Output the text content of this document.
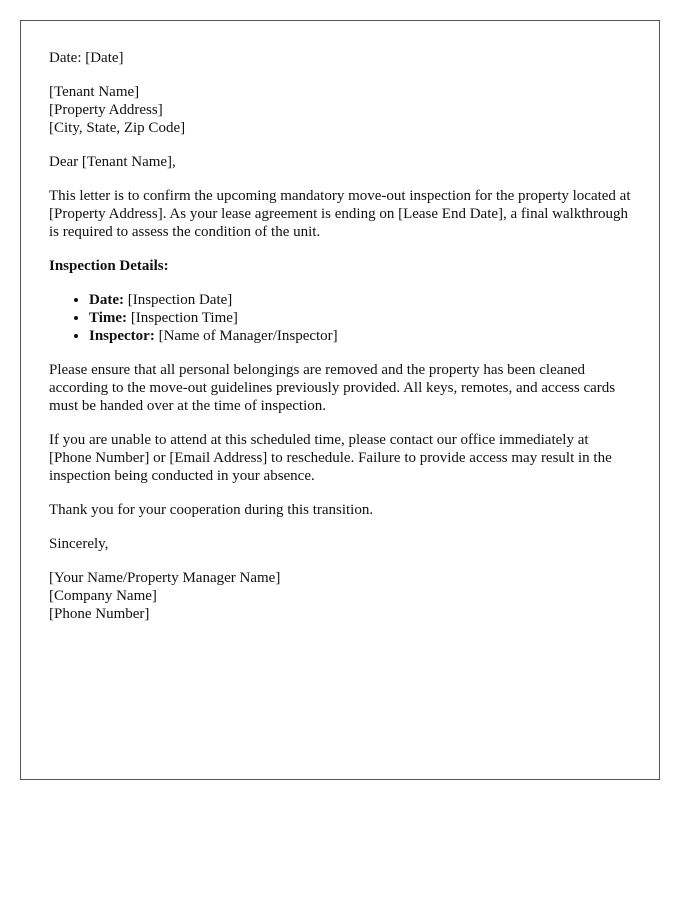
Date: [Date]

[Tenant Name]
[Property Address]
[City, State, Zip Code]

Dear [Tenant Name],

This letter is to confirm the upcoming mandatory move-out inspection for the property located at [Property Address]. As your lease agreement is ending on [Lease End Date], a final walkthrough is required to assess the condition of the unit.

Inspection Details:

• Date: [Inspection Date]
• Time: [Inspection Time]
• Inspector: [Name of Manager/Inspector]

Please ensure that all personal belongings are removed and the property has been cleaned according to the move-out guidelines previously provided. All keys, remotes, and access cards must be handed over at the time of inspection.

If you are unable to attend at this scheduled time, please contact our office immediately at [Phone Number] or [Email Address] to reschedule. Failure to provide access may result in the inspection being conducted in your absence.

Thank you for your cooperation during this transition.

Sincerely,

[Your Name/Property Manager Name]
[Company Name]
[Phone Number]
